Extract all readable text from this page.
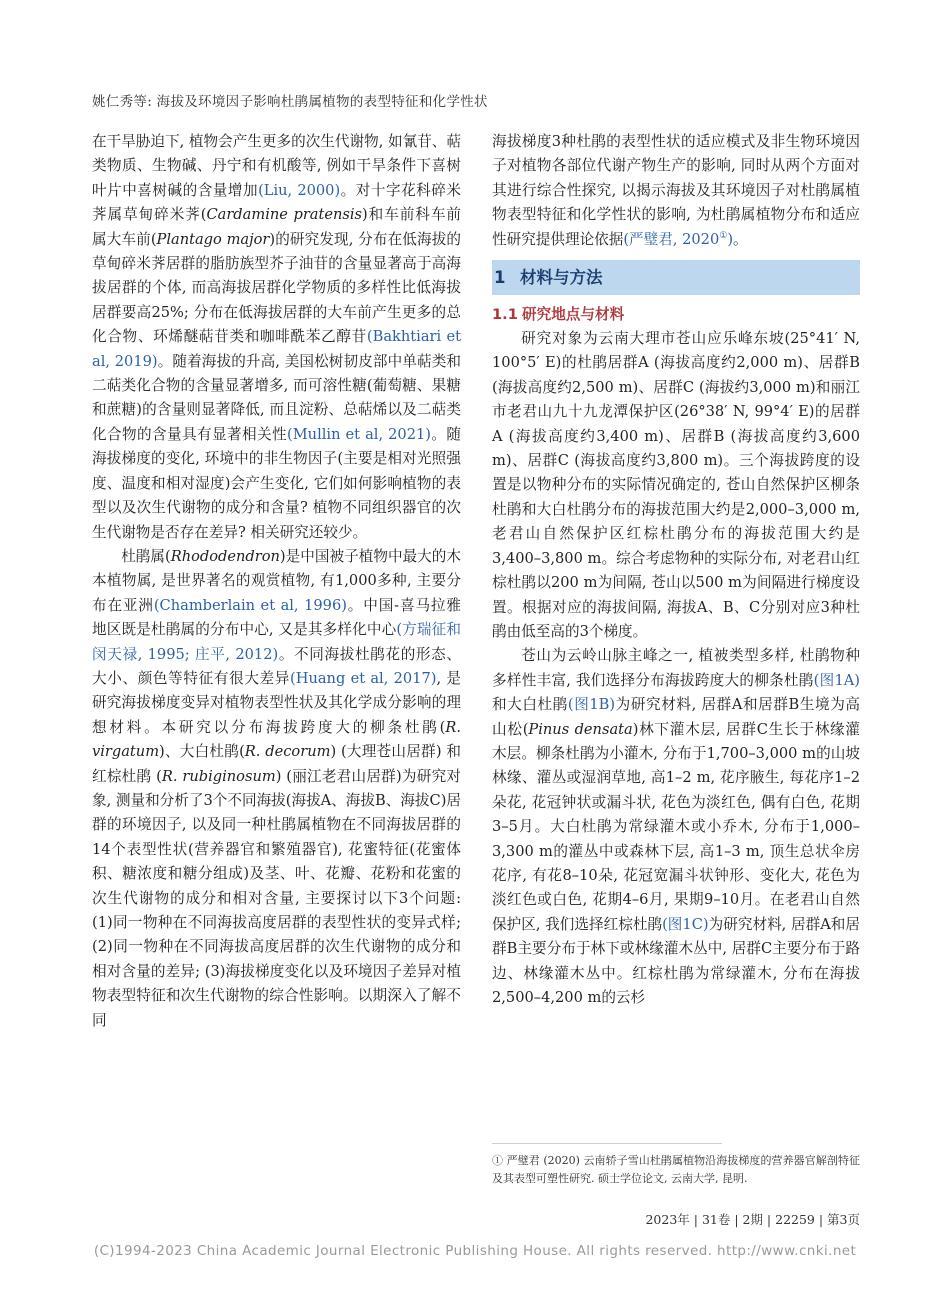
姚仁秀等: 海拔及环境因子影响杜鹃属植物的表型特征和化学性状

在干旱胁迫下, 植物会产生更多的次生代谢物, 如氰苷、萜类物质、生物碱、丹宁和有机酸等, 例如干旱条件下喜树叶片中喜树碱的含量增加(Liu, 2000)。对十字花科碎米荠属草甸碎米荠(Cardamine pratensis)和车前科车前属大车前(Plantago major)的研究发现, 分布在低海拔的草甸碎米荠居群的脂肪族型芥子油苷的含量显著高于高海拔居群的个体, 而高海拔居群化学物质的多样性比低海拔居群要高25%; 分布在低海拔居群的大车前产生更多的总化合物、环烯醚萜苷类和咖啡酰苯乙醇苷(Bakhtiari et al, 2019)。随着海拔的升高, 美国松树韧皮部中单萜类和二萜类化合物的含量显著增多, 而可溶性糖(葡萄糖、果糖和蔗糖)的含量则显著降低, 而且淀粉、总萜烯以及二萜类化合物的含量具有显著相关性(Mullin et al, 2021)。随海拔梯度的变化, 环境中的非生物因子(主要是相对光照强度、温度和相对湿度)会产生变化, 它们如何影响植物的表型以及次生代谢物的成分和含量? 植物不同组织器官的次生代谢物是否存在差异? 相关研究还较少。

杜鹃属(Rhododendron)是中国被子植物中最大的木本植物属, 是世界著名的观赏植物, 有1,000多种, 主要分布在亚洲(Chamberlain et al, 1996)。中国-喜马拉雅地区既是杜鹃属的分布中心, 又是其多样化中心(方瑞征和闵天禄, 1995; 庄平, 2012)。不同海拔杜鹃花的形态、大小、颜色等特征有很大差异(Huang et al, 2017), 是研究海拔梯度变异对植物表型性状及其化学成分影响的理想材料。本研究以分布海拔跨度大的柳条杜鹃(R. virgatum)、大白杜鹃(R. decorum) (大理苍山居群) 和红棕杜鹃 (R. rubiginosum) (丽江老君山居群)为研究对象, 测量和分析了3个不同海拔(海拔A、海拔B、海拔C)居群的环境因子, 以及同一种杜鹃属植物在不同海拔居群的14个表型性状(营养器官和繁殖器官), 花蜜特征(花蜜体积、糖浓度和糖分组成)及茎、叶、花瓣、花粉和花蜜的次生代谢物的成分和相对含量, 主要探讨以下3个问题: (1)同一物种在不同海拔高度居群的表型性状的变异式样; (2)同一物种在不同海拔高度居群的次生代谢物的成分和相对含量的差异; (3)海拔梯度变化以及环境因子差异对植物表型特征和次生代谢物的综合性影响。以期深入了解不同

海拔梯度3种杜鹃的表型性状的适应模式及非生物环境因子对植物各部位代谢产物生产的影响, 同时从两个方面对其进行综合性探究, 以揭示海拔及其环境因子对杜鹃属植物表型特征和化学性状的影响, 为杜鹃属植物分布和适应性研究提供理论依据(严璧君, 2020①)。

1 材料与方法
1.1 研究地点与材料

研究对象为云南大理市苍山应乐峰东坡(25°41′ N, 100°5′ E)的杜鹃居群A (海拔高度约2,000 m)、居群B (海拔高度约2,500 m)、居群C (海拔约3,000 m)和丽江市老君山九十九龙潭保护区(26°38′ N, 99°4′ E)的居群A (海拔高度约3,400 m)、居群B (海拔高度约3,600 m)、居群C (海拔高度约3,800 m)。三个海拔跨度的设置是以物种分布的实际情况确定的, 苍山自然保护区柳条杜鹃和大白杜鹃分布的海拔范围大约是2,000–3,000 m, 老君山自然保护区红棕杜鹃分布的海拔范围大约是3,400–3,800 m。综合考虑物种的实际分布, 对老君山红棕杜鹃以200 m为间隔, 苍山以500 m为间隔进行梯度设置。根据对应的海拔间隔, 海拔A、B、C分别对应3种杜鹃由低至高的3个梯度。

苍山为云岭山脉主峰之一, 植被类型多样, 杜鹃物种多样性丰富, 我们选择分布海拔跨度大的柳条杜鹃(图1A)和大白杜鹃(图1B)为研究材料, 居群A和居群B生境为高山松(Pinus densata)林下灌木层, 居群C生长于林缘灌木层。柳条杜鹃为小灌木, 分布于1,700–3,000 m的山坡林缘、灌丛或湿润草地, 高1–2 m, 花序腋生, 每花序1–2朵花, 花冠钟状或漏斗状, 花色为淡红色, 偶有白色, 花期3–5月。大白杜鹃为常绿灌木或小乔木, 分布于1,000–3,300 m的灌丛中或森林下层, 高1–3 m, 顶生总状伞房花序, 有花8–10朵, 花冠宽漏斗状钟形、变化大, 花色为淡红色或白色, 花期4–6月, 果期9–10月。在老君山自然保护区, 我们选择红棕杜鹃(图1C)为研究材料, 居群A和居群B主要分布于林下或林缘灌木丛中, 居群C主要分布于路边、林缘灌木丛中。红棕杜鹃为常绿灌木, 分布在海拔2,500–4,200 m的云杉

① 严璧君 (2020) 云南轿子雪山杜鹃属植物沿海拔梯度的营养器官解剖特征及其表型可塑性研究. 硕士学位论文, 云南大学, 昆明.
2023年 | 31卷 | 2期 | 22259 | 第3页
(C)1994-2023 China Academic Journal Electronic Publishing House. All rights reserved. http://www.cnki.net
